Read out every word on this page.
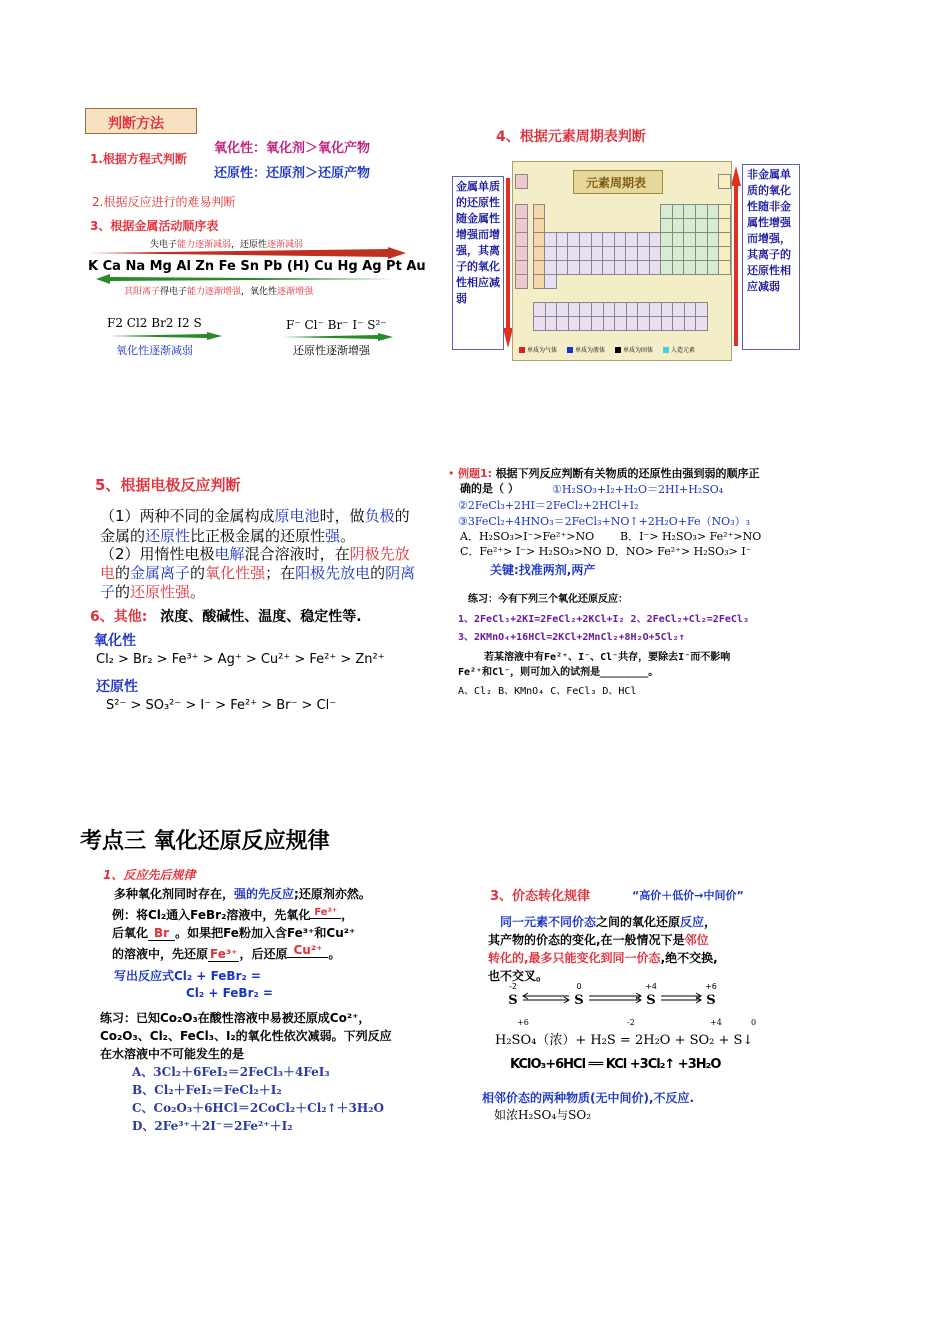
判断方法
1.根据方程式判断
氧化性：氧化剂＞氧化产物
还原性：还原剂＞还原产物
2.根据反应进行的难易判断
3、根据金属活动顺序表
失电子能力逐渐减弱，还原性逐渐减弱
K Ca Na Mg Al Zn Fe Sn Pb (H) Cu Hg Ag Pt Au
其阳离子得电子能力逐渐增强，氧化性逐渐增强
F2 Cl2 Br2 I2 S
氧化性逐渐减弱
F⁻ Cl⁻ Br⁻ I⁻ S²⁻
还原性逐渐增强
4、根据元素周期表判断
金属单质的还原性随金属性增强而增强，其离子的氧化性相应减弱
非金属单质的氧化性随非金属性增强而增强，其离子的还原性相应减弱
元素周期表
单质为气体	单质为液体	单质为固体	人造元素
5、根据电极反应判断
（1）两种不同的金属构成原电池时，做负极的金属的还原性比正极金属的还原性强。
（2）用惰性电极电解混合溶液时，在阴极先放电的金属离子的氧化性强；在阳极先放电的阴离子的还原性强。
6、其他: 浓度、酸碱性、温度、稳定性等.
氧化性
Cl₂ > Br₂ > Fe³⁺ > Ag⁺ > Cu²⁺ > Fe²⁺ > Zn²⁺
还原性
S²⁻ > SO₃²⁻ > I⁻ > Fe²⁺ > Br⁻ > Cl⁻
• 例题1: 根据下列反应判断有关物质的还原性由强到弱的顺序正
确的是（ ）	①H₂SO₃+I₂+H₂O＝2HI+H₂SO₄
②2FeCl₃+2HI＝2FeCl₂+2HCl+I₂
③3FeCl₂+4HNO₃＝2FeCl₃+NO↑+2H₂O+Fe（NO₃）₃
A．H₂SO₃>I⁻>Fe²⁺>NO B．I⁻> H₂SO₃> Fe²⁺>NO
C．Fe²⁺> I⁻> H₂SO₃>NO D．NO> Fe²⁺> H₂SO₃> I⁻
关键:找准两剂,两产
练习：今有下列三个氧化还原反应：
1、2FeCl₃+2KI=2FeCl₂+2KCl+I₂ 2、2FeCl₂+Cl₂=2FeCl₃
3、2KMnO₄+16HCl=2KCl+2MnCl₂+8H₂O+5Cl₂↑
若某溶液中有Fe²⁺、I⁻、Cl⁻共存，要除去I⁻而不影响
Fe²⁺和Cl⁻，则可加入的试剂是________。
A、Cl₂ B、KMnO₄ C、FeCl₃ D、HCl
考点三 氧化还原反应规律
1、反应先后规律
多种氧化剂同时存在，强的先反应;还原剂亦然。
例：将Cl₂通入FeBr₂溶液中，先氧化 $^{Fe^{2+}}$ ，
后氧化 Br 。如果把Fe粉加入含Fe³⁺和Cu²⁺
的溶液中，先还原 Fe³⁺ ，后还原 Cu²⁺ 。
写出反应式Cl₂ + FeBr₂ =
Cl₂ + FeBr₂ =
练习：已知Co₂O₃在酸性溶液中易被还原成Co²⁺，
Co₂O₃、Cl₂、FeCl₃、I₂的氧化性依次减弱。下列反应
在水溶液中不可能发生的是
A、3Cl₂＋6FeI₂＝2FeCl₃＋4FeI₃
B、Cl₂＋FeI₂＝FeCl₂＋I₂
C、Co₂O₃＋6HCl＝2CoCl₂＋Cl₂↑＋3H₂O
D、2Fe³⁺＋2I⁻＝2Fe²⁺＋I₂
3、价态转化规律	“高价＋低价→中间价”
同一元素不同价态之间的氧化还原反应，
其产物的价态的变化,在一般情况下是邻位
转化的,最多只能变化到同一价态,绝不交换,
也不交叉。
-2
S
0
S
+4
S
+6
S
+6	-2	+4	0
H₂SO₄（浓）+ H₂S = 2H₂O + SO₂ + S↓
KClO₃+6HCl ══ KCl +3Cl₂↑ +3H₂O
相邻价态的两种物质(无中间价),不反应.
如浓H₂SO₄与SO₂
